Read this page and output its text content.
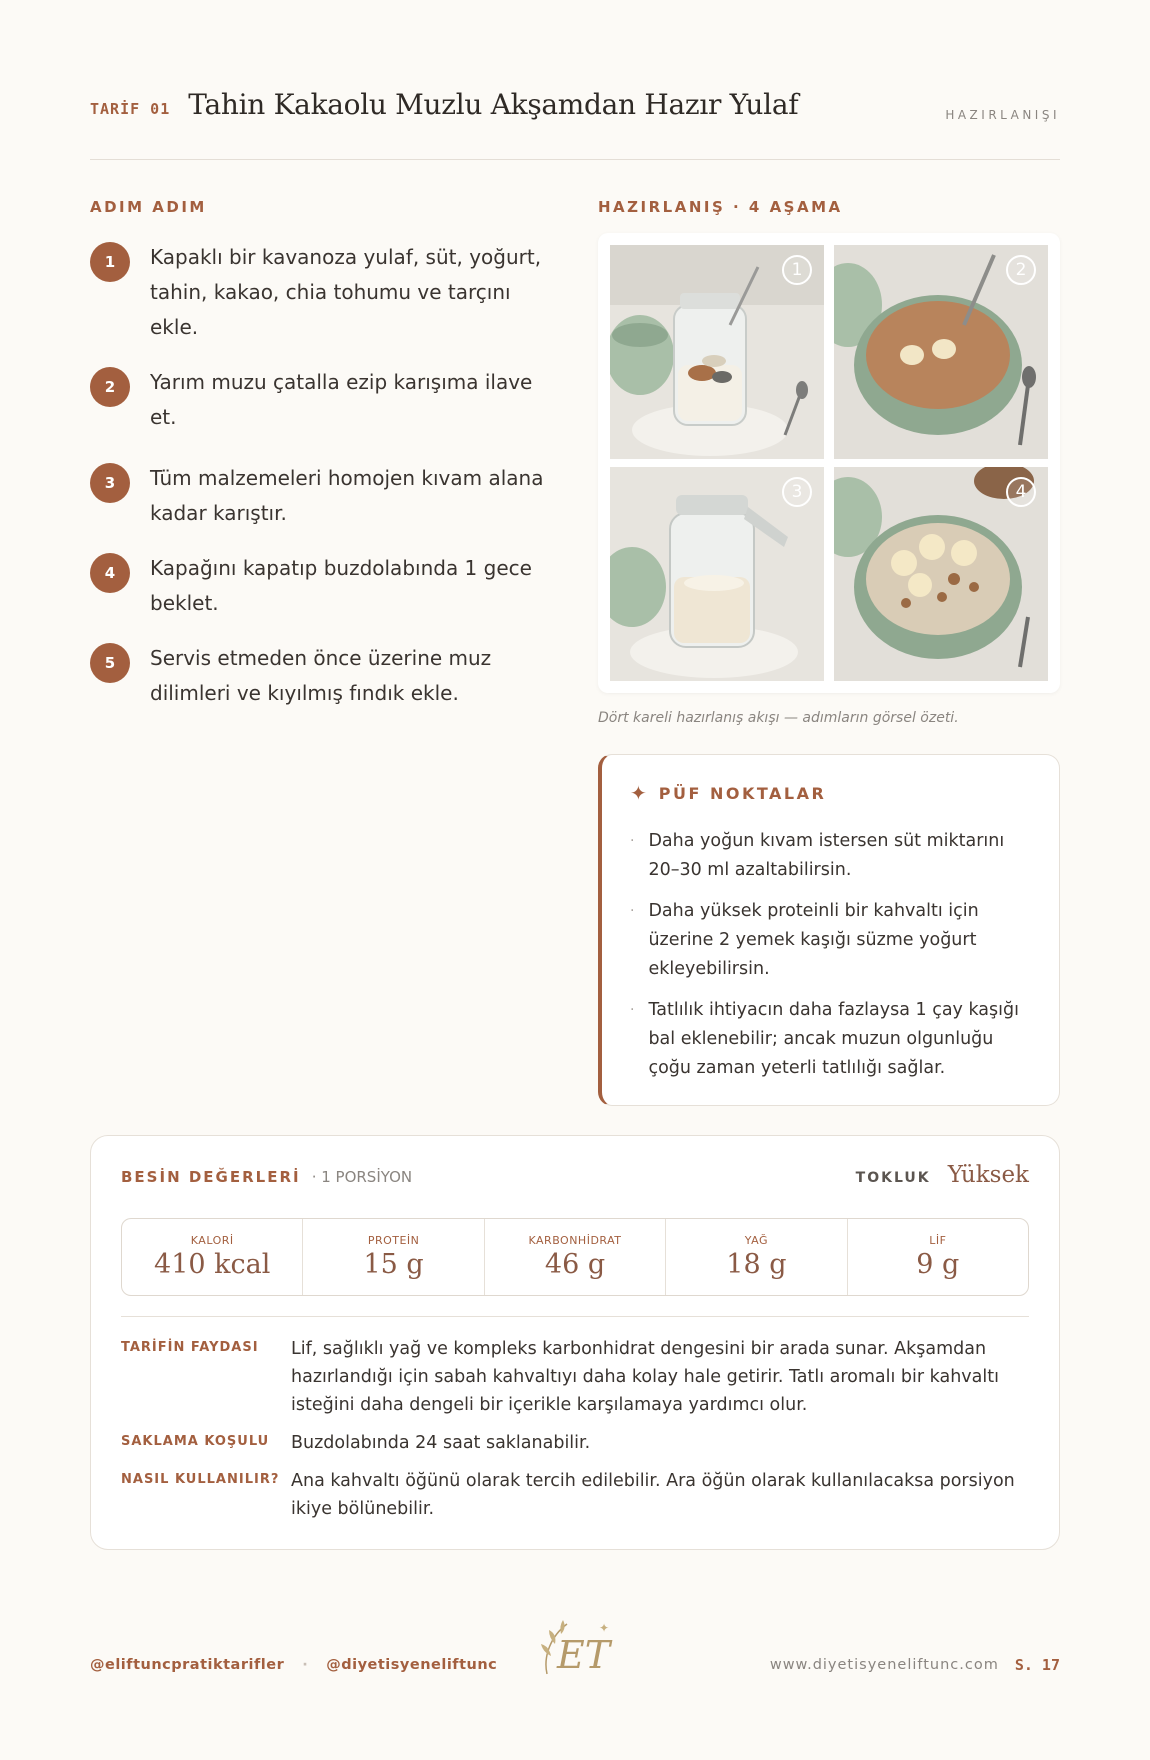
TARİF 01 Tahin Kakaolu Muzlu Akşamdan Hazır Yulaf	HAZIRLANIŞI
ADIM ADIM
1	Kapaklı bir kavanoza yulaf, süt, yoğurt, tahin, kakao, chia tohumu ve tarçını ekle.
2	Yarım muzu çatalla ezip karışıma ilave et.
3	Tüm malzemeleri homojen kıvam alana kadar karıştır.
4	Kapağını kapatıp buzdolabında 1 gece beklet.
5	Servis etmeden önce üzerine muz dilimleri ve kıyılmış fındık ekle.
HAZIRLANIŞ · 4 AŞAMA
1	2
3	4
Dört kareli hazırlanış akışı — adımların görsel özeti.
✦ PÜF NOKTALAR
· Daha yoğun kıvam istersen süt miktarını 20–30 ml azaltabilirsin.
· Daha yüksek proteinli bir kahvaltı için üzerine 2 yemek kaşığı süzme yoğurt ekleyebilirsin.
· Tatlılık ihtiyacın daha fazlaysa 1 çay kaşığı bal eklenebilir; ancak muzun olgunluğu çoğu zaman yeterli tatlılığı sağlar.
BESİN DEĞERLERİ · 1 PORSİYON	TOKLUK Yüksek
KALORİ
410 kcal
PROTEİN
15 g
KARBONHİDRAT
46 g
YAĞ
18 g
LİF
9 g
TARİFİN FAYDASI	Lif, sağlıklı yağ ve kompleks karbonhidrat dengesini bir arada sunar. Akşamdan hazırlandığı için sabah kahvaltıyı daha kolay hale getirir. Tatlı aromalı bir kahvaltı isteğini daha dengeli bir içerikle karşılamaya yardımcı olur.
SAKLAMA KOŞULU	Buzdolabında 24 saat saklanabilir.
NASIL KULLANILIR? Ana kahvaltı öğünü olarak tercih edilebilir. Ara öğün olarak kullanılacaksa porsiyon ikiye bölünebilir.
ET
✦
@eliftuncpratiktarifler · @diyetisyeneliftunc	www.diyetisyeneliftunc.com S. 17
